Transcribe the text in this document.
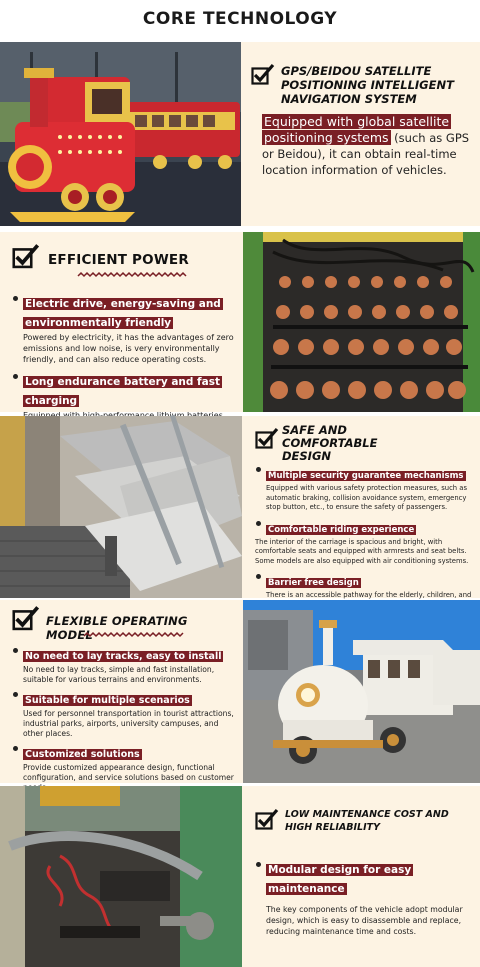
CORE TECHNOLOGY
GPS/BEIDOU SATELLITE POSITIONING INTELLIGENT NAVIGATION SYSTEM
Equipped with global satellite positioning systems (such as GPS or Beidou), it can obtain real-time location information of vehicles.
EFFICIENT POWER
Electric drive, energy-saving and environmentally friendly
Powered by electricity, it has the advantages of zero emissions and low noise, is very environmentally friendly, and can also reduce operating costs.
Long endurance battery and fast charging
SAFE AND COMFORTABLE DESIGN
Multiple security guarantee mechanisms
Equipped with various safety protection measures, such as automatic braking, collision avoidance system, emergency stop button, etc., to ensure the safety of passengers.
Comfortable riding experience
The interior of the carriage is spacious and bright, with comfortable seats and equipped with armrests and seat belts. Some models are also equipped with air conditioning systems.
Barrier free design
There is an accessible pathway for the elderly, children, and
FLEXIBLE OPERATING MODEL
No need to lay tracks, easy to install
No need to lay tracks, simple and fast installation, suitable for various terrains and environments.
Suitable for multiple scenarios
Used for personnel transportation in tourist attractions, industrial parks, airports, university campuses, and other places.
Customized solutions
Provide customized appearance design, functional configuration, and service solutions based on customer
LOW MAINTENANCE COST AND HIGH RELIABILITY
Modular design for easy maintenance
The key components of the vehicle adopt modular design, which is easy to disassemble and replace, reducing maintenance time and costs.
